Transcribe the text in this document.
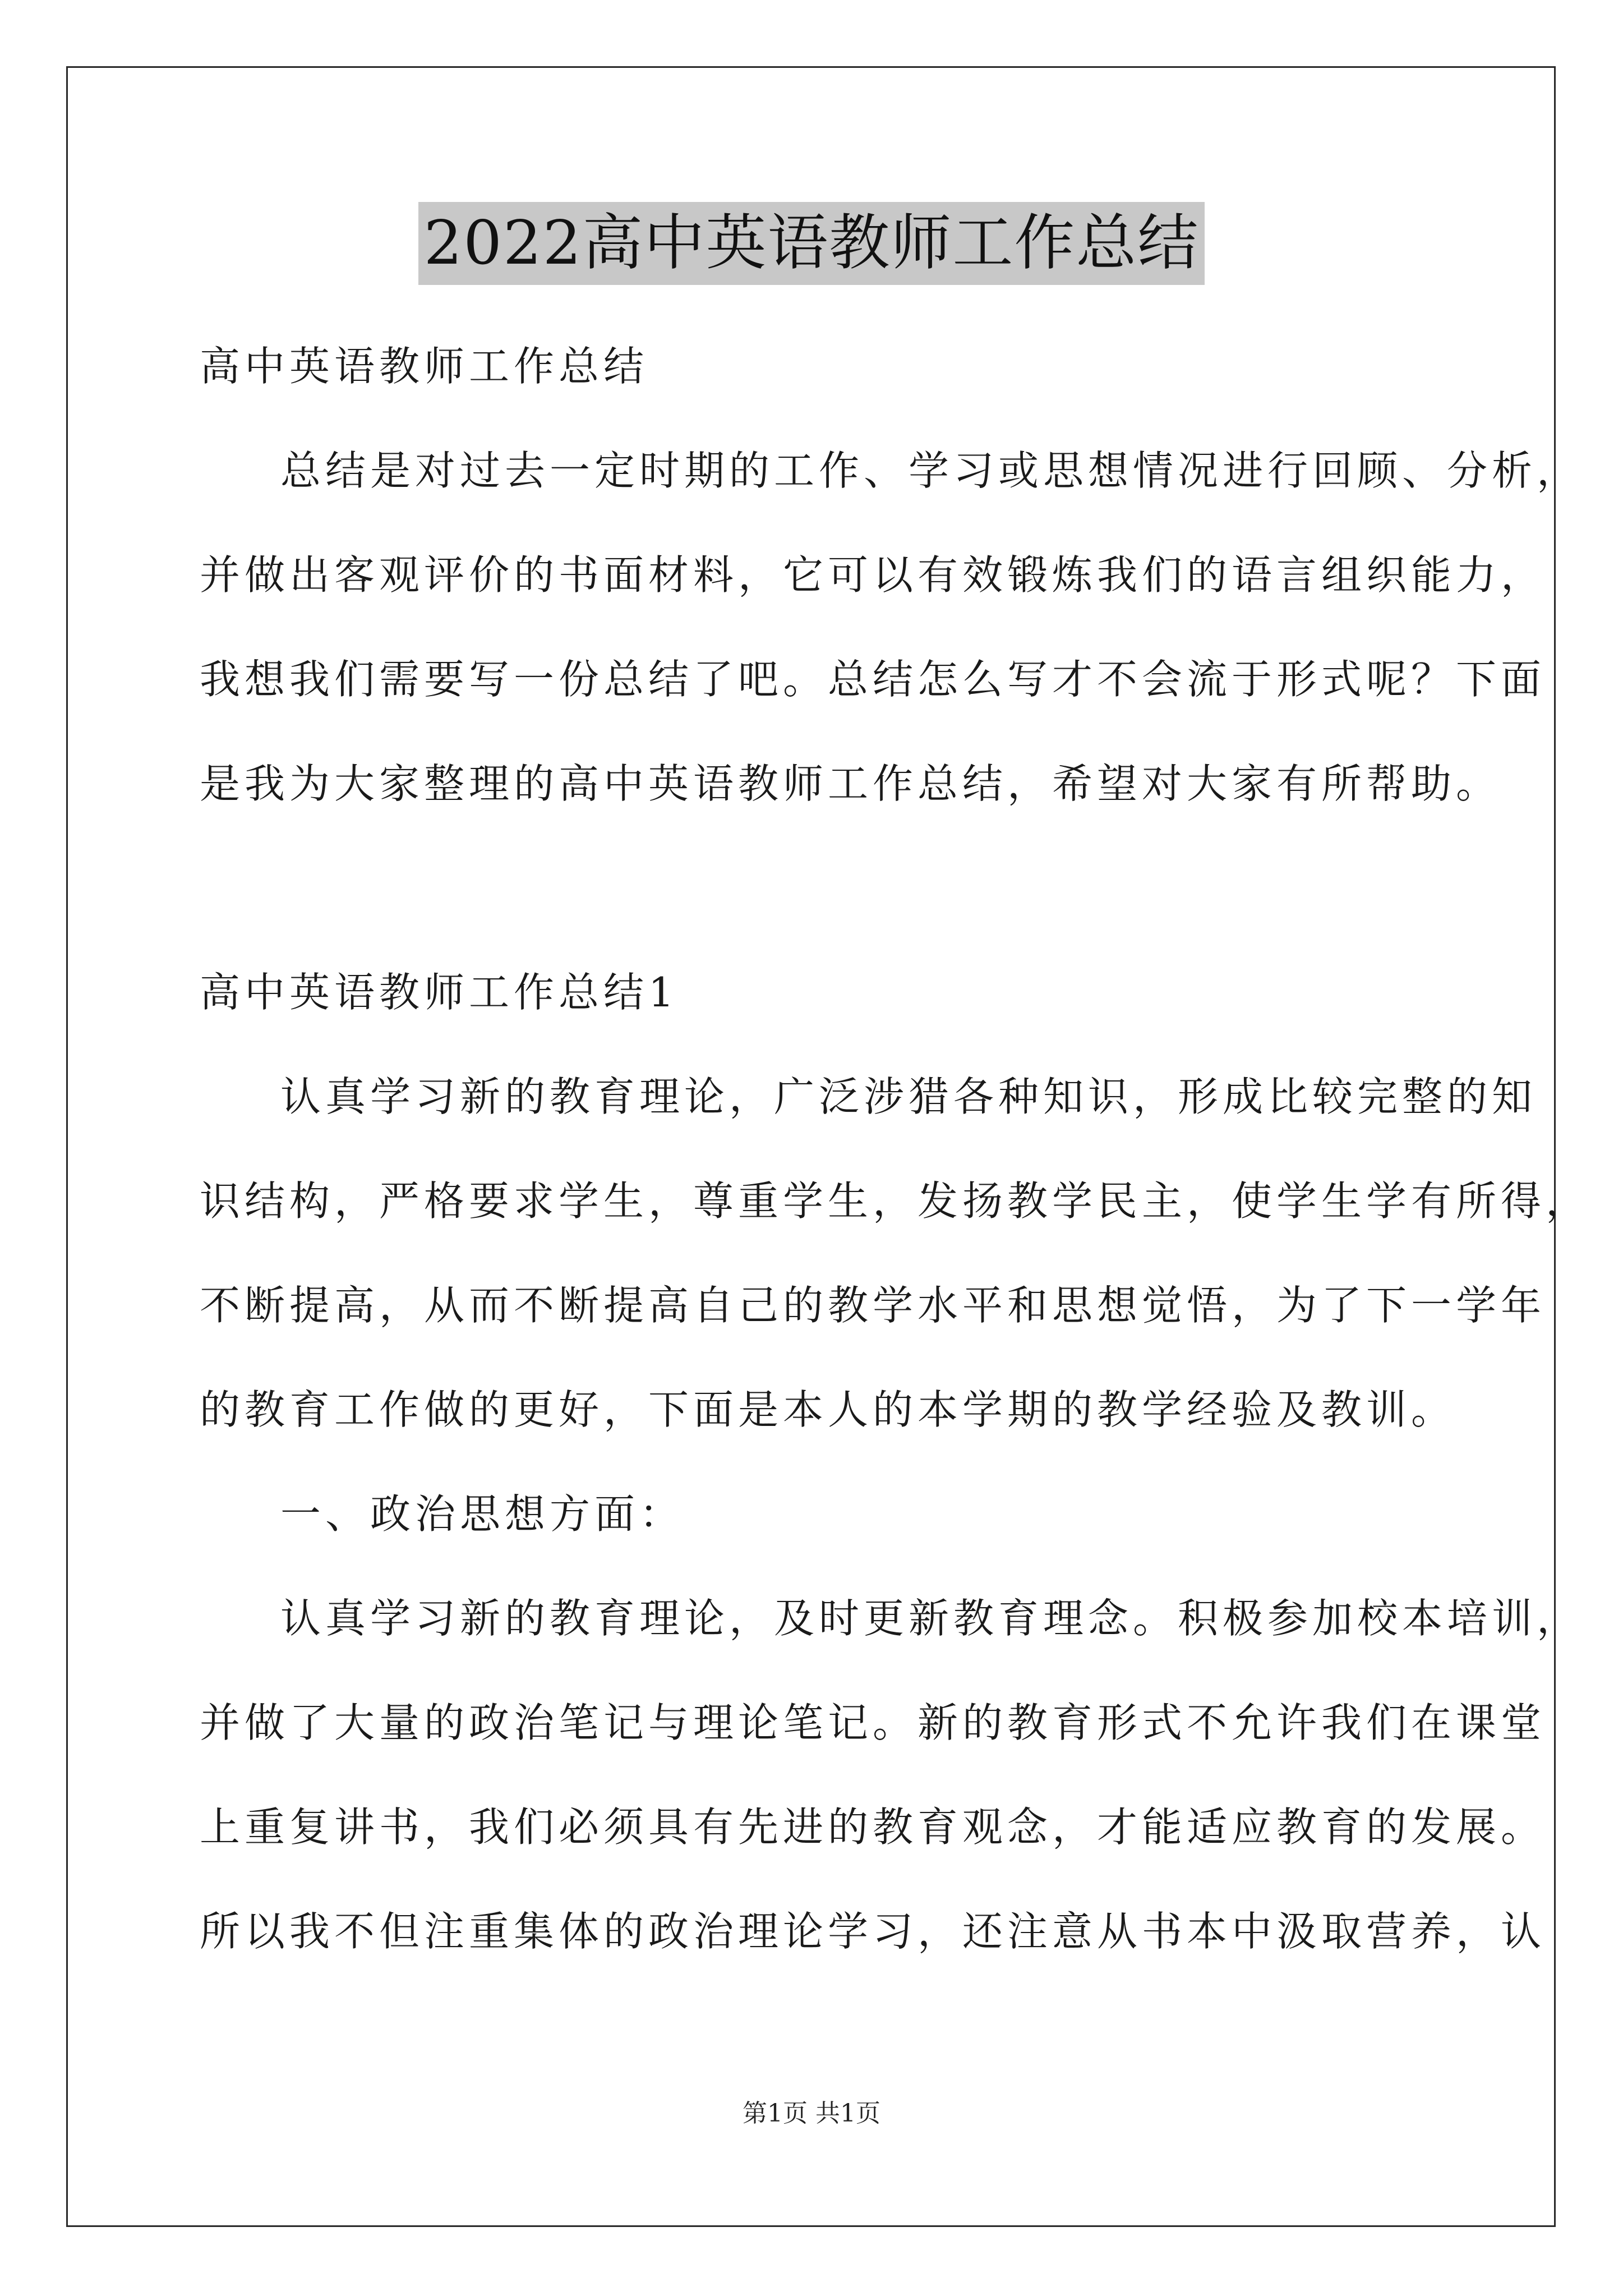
2022高中英语教师工作总结
高中英语教师工作总结
总结是对过去一定时期的工作、学习或思想情况进行回顾、分析，
并做出客观评价的书面材料，它可以有效锻炼我们的语言组织能力，
我想我们需要写一份总结了吧。总结怎么写才不会流于形式呢？下面
是我为大家整理的高中英语教师工作总结，希望对大家有所帮助。
高中英语教师工作总结1
认真学习新的教育理论，广泛涉猎各种知识，形成比较完整的知
识结构，严格要求学生，尊重学生，发扬教学民主，使学生学有所得，
不断提高，从而不断提高自己的教学水平和思想觉悟，为了下一学年
的教育工作做的更好，下面是本人的本学期的教学经验及教训。
一、政治思想方面：
认真学习新的教育理论，及时更新教育理念。积极参加校本培训，
并做了大量的政治笔记与理论笔记。新的教育形式不允许我们在课堂
上重复讲书，我们必须具有先进的教育观念，才能适应教育的发展。
所以我不但注重集体的政治理论学习，还注意从书本中汲取营养，认
第1页 共1页
